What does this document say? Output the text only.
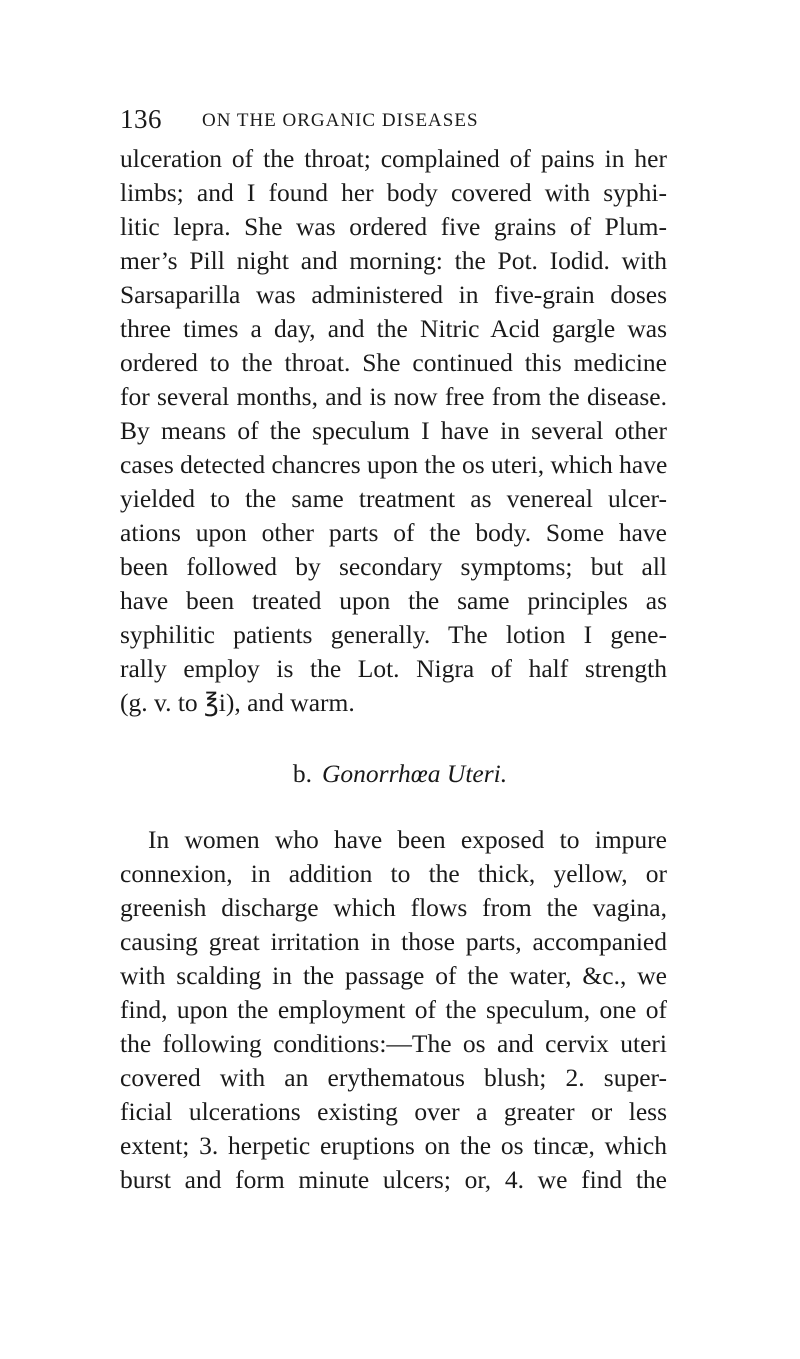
136 ON THE ORGANIC DISEASES
ulceration of the throat; complained of pains in her
limbs; and I found her body covered with syphi-
litic lepra. She was ordered five grains of Plum-
mer’s Pill night and morning: the Pot. Iodid. with
Sarsaparilla was administered in five-grain doses
three times a day, and the Nitric Acid gargle was
ordered to the throat. She continued this medicine
for several months, and is now free from the disease.
By means of the speculum I have in several other
cases detected chancres upon the os uteri, which have
yielded to the same treatment as venereal ulcer-
ations upon other parts of the body. Some have
been followed by secondary symptoms; but all
have been treated upon the same principles as
syphilitic patients generally. The lotion I gene-
rally employ is the Lot. Nigra of half strength
(g. v. to ℥i), and warm.
b. Gonorrhœa Uteri.
In women who have been exposed to impure
connexion, in addition to the thick, yellow, or
greenish discharge which flows from the vagina,
causing great irritation in those parts, accompanied
with scalding in the passage of the water, &c., we
find, upon the employment of the speculum, one of
the following conditions:—The os and cervix uteri
covered with an erythematous blush; 2. super-
ficial ulcerations existing over a greater or less
extent; 3. herpetic eruptions on the os tincæ, which
burst and form minute ulcers; or, 4. we find the
